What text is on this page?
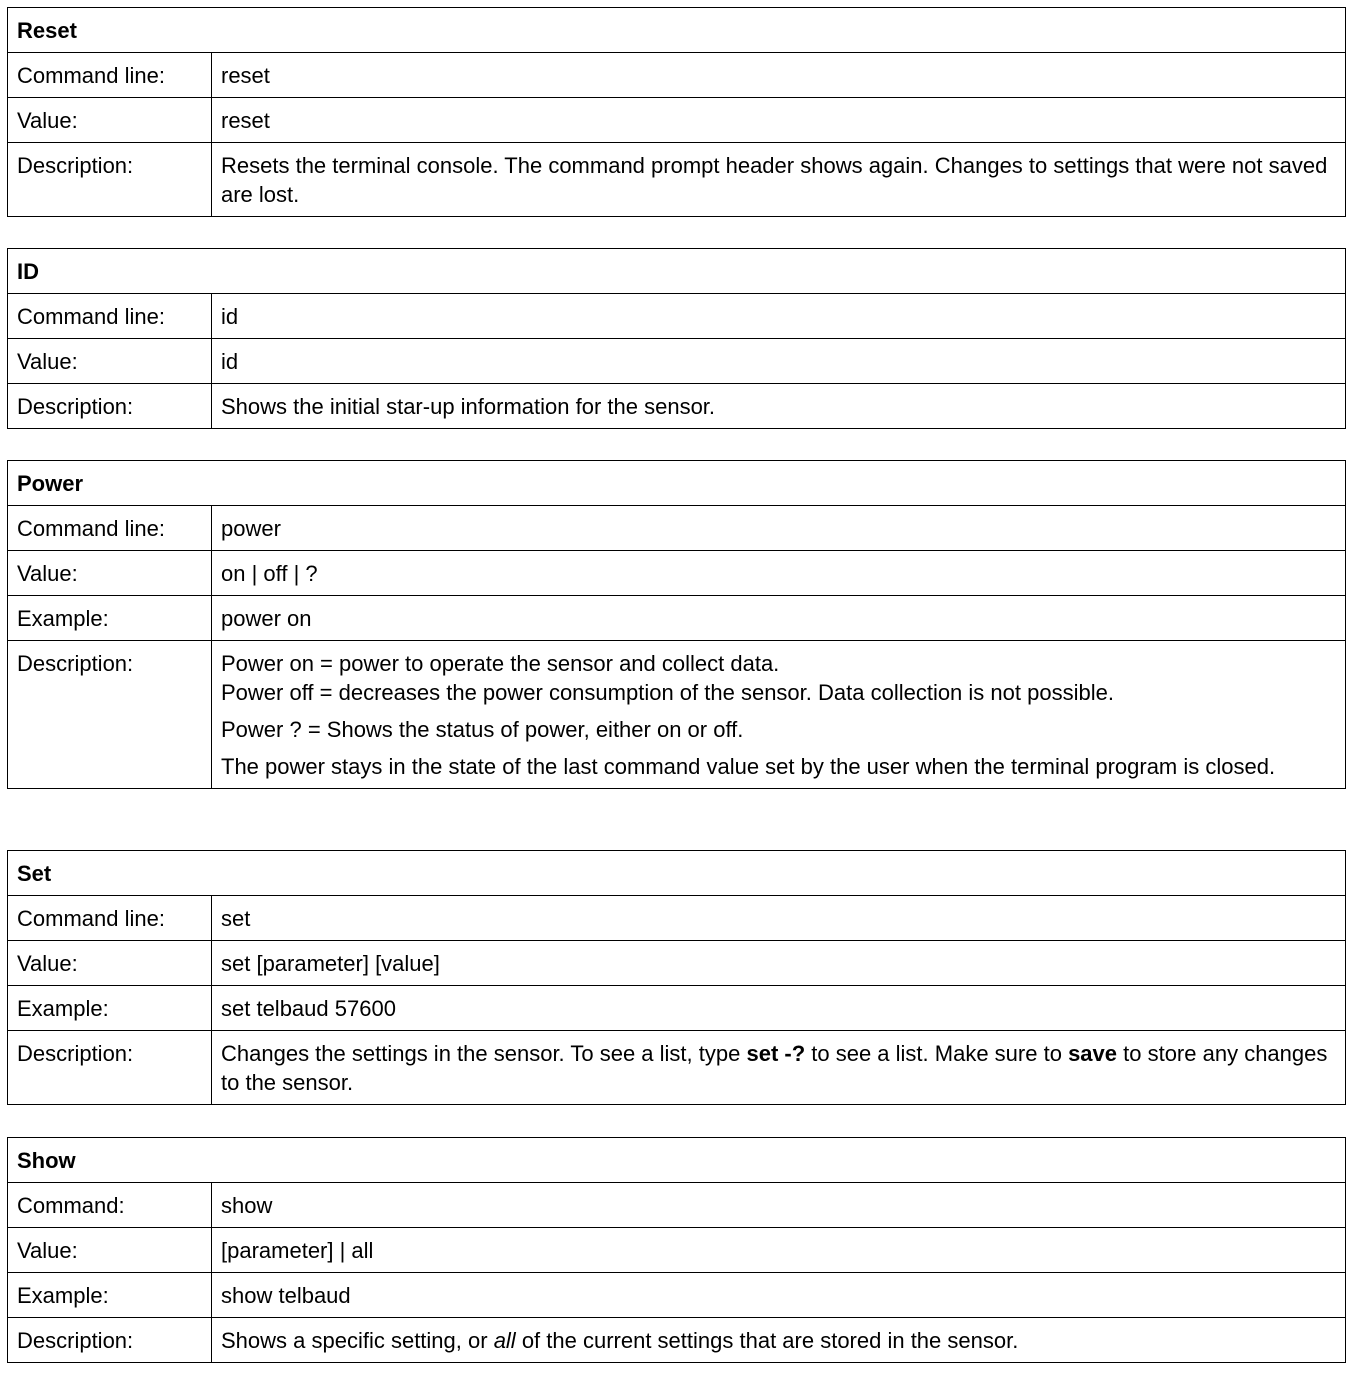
Reset	
Command line:	reset
Value:	reset
Description:	Resets the terminal console. The command prompt header shows again. Changes to settings that were not saved are lost.
ID	
Command line:	id
Value:	id
Description:	Shows the initial star-up information for the sensor.
Power	
Command line:	power
Value:	on | off | ?
Example:	power on
Description:	Power on = power to operate the sensor and collect data.
Power off = decreases the power consumption of the sensor. Data collection is not possible.
Power ? = Shows the status of power, either on or off.
The power stays in the state of the last command value set by the user when the terminal program is closed.
Set	
Command line:	set
Value:	set [parameter] [value]
Example:	set telbaud 57600
Description:	Changes the settings in the sensor. To see a list, type set -? to see a list. Make sure to save to store any changes to the sensor.
Show	
Command:	show
Value:	[parameter] | all
Example:	show telbaud
Description:	Shows a specific setting, or all of the current settings that are stored in the sensor.
